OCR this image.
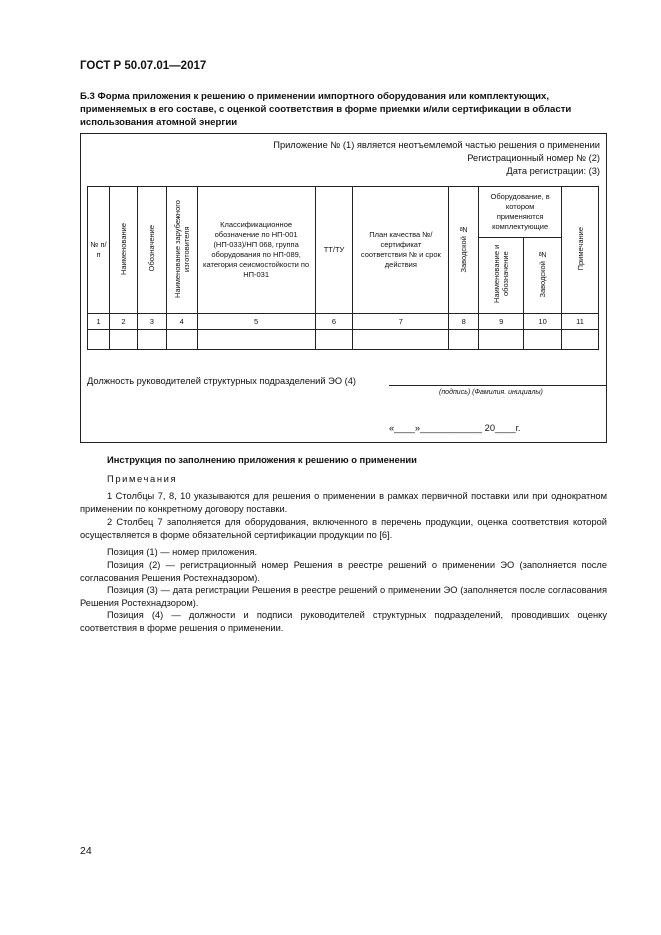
ГОСТ Р 50.07.01—2017
Б.3 Форма приложения к решению о применении импортного оборудования или комплектующих, применяемых в его составе, с оценкой соответствия в форме приемки и/или сертификации в области использования атомной энергии
Приложение № (1) является неотъемлемой частью решения о применении
Регистрационный номер № (2)
Дата регистрации: (3)
№ п/п	Наименование	Обозначение	Наименование зарубежного изготовителя	Классификационное обозначение по НП-001 (НП-033)/НП 068, группа оборудования по НП-089, категория сеисмостойкости по НП-031	ТТ/ТУ	План качества №/ сертификат соответствия № и срок действия	Заводской №	Оборудование, в котором применяются комплектующие		Примечание
								Наименование и обозначение	Заводской №	
1	2	3	4	5	6	7	8	9	10	11

Должность руководителей структурных подразделений ЭО (4)
(подпись) (Фамилия. инициалы)
«____»____________ 20____г.
Инструкция по заполнению приложения к решению о применении
Примечания

1 Столбцы 7, 8, 10 указываются для решения о применении в рамках первичной поставки или при однократном применении по конкретному договору поставки.

2 Столбец 7 заполняется для оборудования, включенного в перечень продукции, оценка соответствия которой осуществляется в форме обязательной сертификации продукции по [6].

Позиция (1) — номер приложения.

Позиция (2) — регистрационный номер Решения в реестре решений о применении ЭО (заполняется после согласования Решения Ростехнадзором).

Позиция (3) — дата регистрации Решения в реестре решений о применении ЭО (заполняется после согласования Решения Ростехнадзором).

Позиция (4) — должности и подписи руководителей структурных подразделений, проводивших оценку соответствия в форме решения о применении.

24
